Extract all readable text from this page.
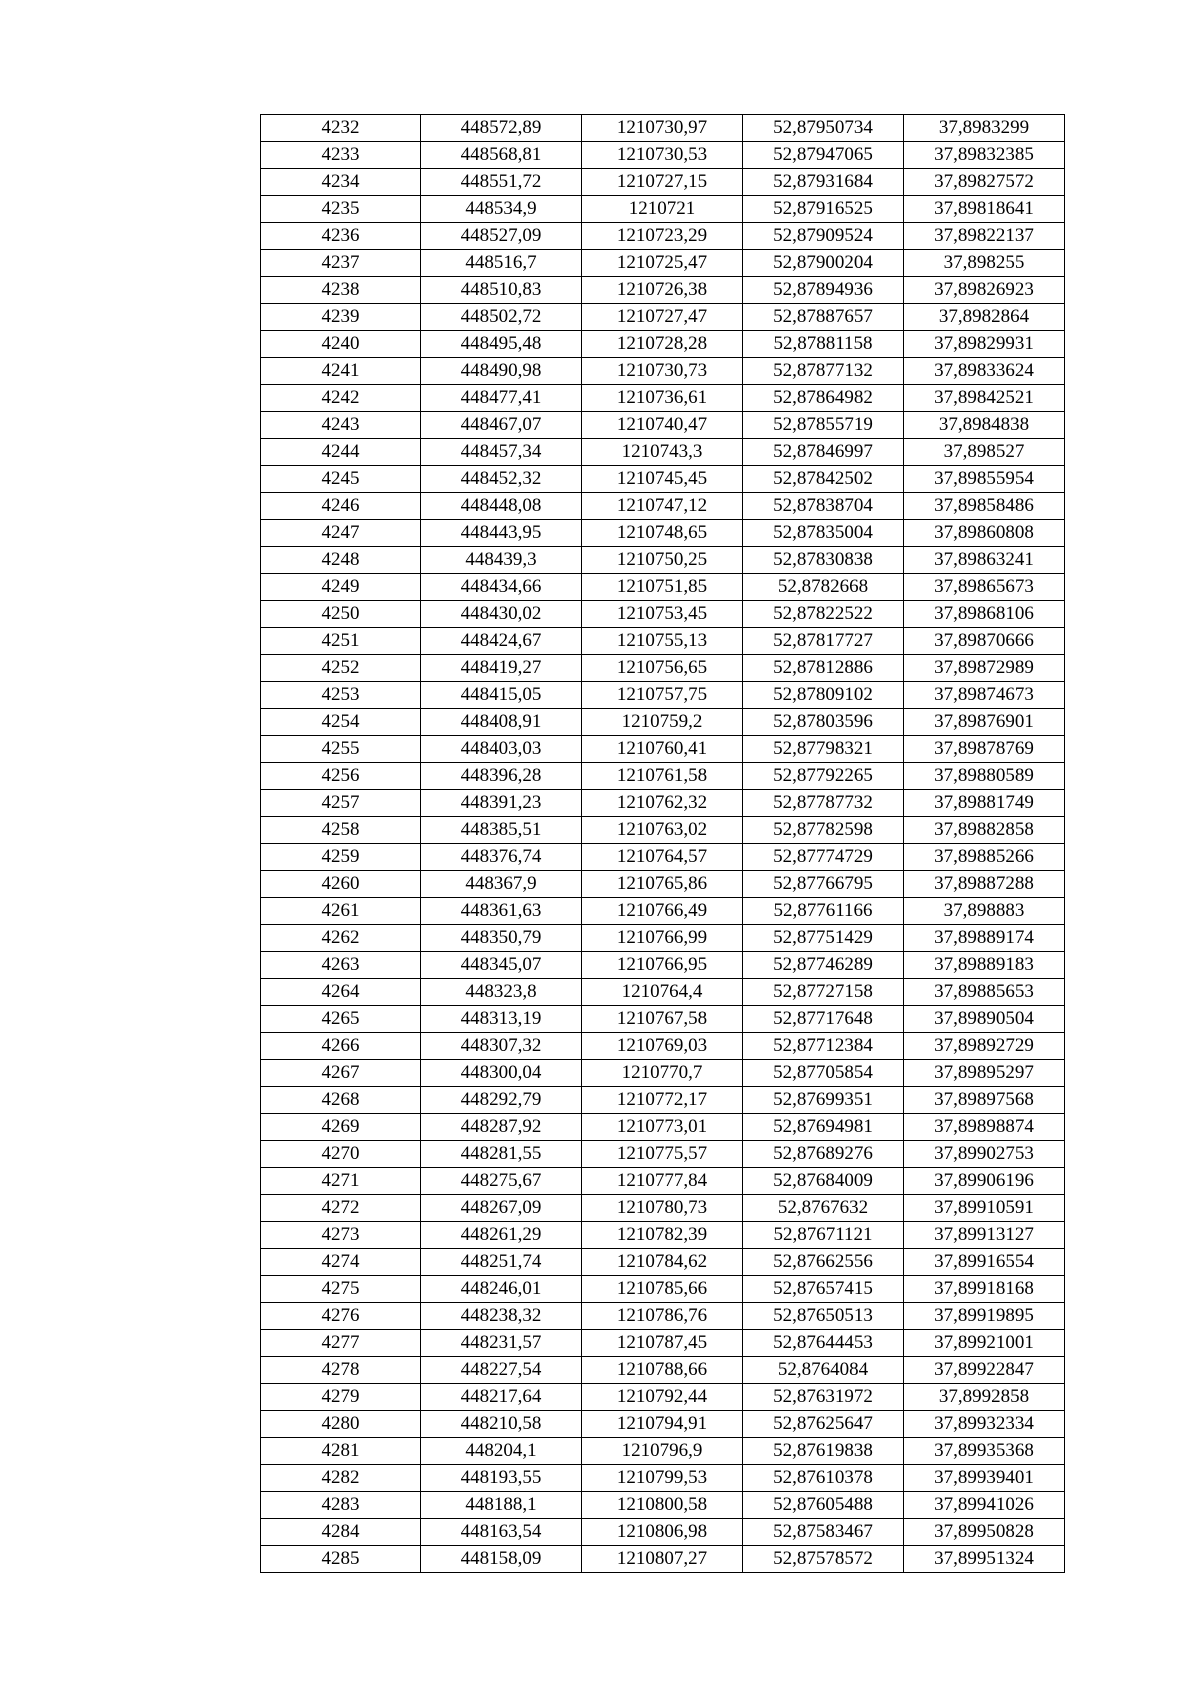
4232	448572,89	1210730,97	52,87950734	37,8983299
4233	448568,81	1210730,53	52,87947065	37,89832385
4234	448551,72	1210727,15	52,87931684	37,89827572
4235	448534,9	1210721	52,87916525	37,89818641
4236	448527,09	1210723,29	52,87909524	37,89822137
4237	448516,7	1210725,47	52,87900204	37,898255
4238	448510,83	1210726,38	52,87894936	37,89826923
4239	448502,72	1210727,47	52,87887657	37,8982864
4240	448495,48	1210728,28	52,87881158	37,89829931
4241	448490,98	1210730,73	52,87877132	37,89833624
4242	448477,41	1210736,61	52,87864982	37,89842521
4243	448467,07	1210740,47	52,87855719	37,8984838
4244	448457,34	1210743,3	52,87846997	37,898527
4245	448452,32	1210745,45	52,87842502	37,89855954
4246	448448,08	1210747,12	52,87838704	37,89858486
4247	448443,95	1210748,65	52,87835004	37,89860808
4248	448439,3	1210750,25	52,87830838	37,89863241
4249	448434,66	1210751,85	52,8782668	37,89865673
4250	448430,02	1210753,45	52,87822522	37,89868106
4251	448424,67	1210755,13	52,87817727	37,89870666
4252	448419,27	1210756,65	52,87812886	37,89872989
4253	448415,05	1210757,75	52,87809102	37,89874673
4254	448408,91	1210759,2	52,87803596	37,89876901
4255	448403,03	1210760,41	52,87798321	37,89878769
4256	448396,28	1210761,58	52,87792265	37,89880589
4257	448391,23	1210762,32	52,87787732	37,89881749
4258	448385,51	1210763,02	52,87782598	37,89882858
4259	448376,74	1210764,57	52,87774729	37,89885266
4260	448367,9	1210765,86	52,87766795	37,89887288
4261	448361,63	1210766,49	52,87761166	37,898883
4262	448350,79	1210766,99	52,87751429	37,89889174
4263	448345,07	1210766,95	52,87746289	37,89889183
4264	448323,8	1210764,4	52,87727158	37,89885653
4265	448313,19	1210767,58	52,87717648	37,89890504
4266	448307,32	1210769,03	52,87712384	37,89892729
4267	448300,04	1210770,7	52,87705854	37,89895297
4268	448292,79	1210772,17	52,87699351	37,89897568
4269	448287,92	1210773,01	52,87694981	37,89898874
4270	448281,55	1210775,57	52,87689276	37,89902753
4271	448275,67	1210777,84	52,87684009	37,89906196
4272	448267,09	1210780,73	52,8767632	37,89910591
4273	448261,29	1210782,39	52,87671121	37,89913127
4274	448251,74	1210784,62	52,87662556	37,89916554
4275	448246,01	1210785,66	52,87657415	37,89918168
4276	448238,32	1210786,76	52,87650513	37,89919895
4277	448231,57	1210787,45	52,87644453	37,89921001
4278	448227,54	1210788,66	52,8764084	37,89922847
4279	448217,64	1210792,44	52,87631972	37,8992858
4280	448210,58	1210794,91	52,87625647	37,89932334
4281	448204,1	1210796,9	52,87619838	37,89935368
4282	448193,55	1210799,53	52,87610378	37,89939401
4283	448188,1	1210800,58	52,87605488	37,89941026
4284	448163,54	1210806,98	52,87583467	37,89950828
4285	448158,09	1210807,27	52,87578572	37,89951324
